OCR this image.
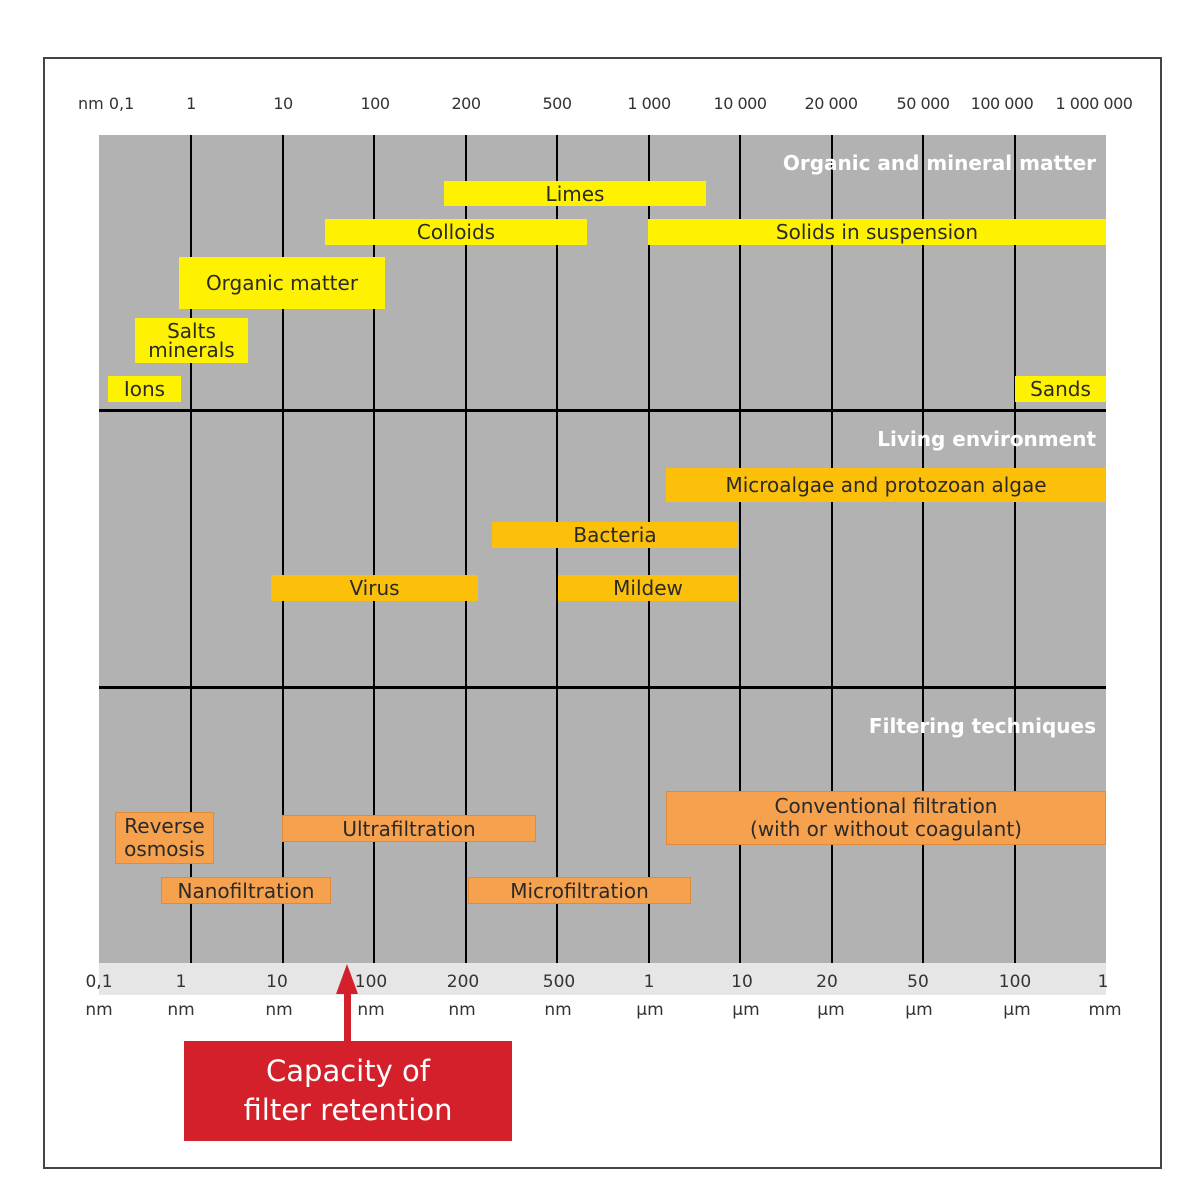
nm 0,1	1	10	100	200	500	1 000	10 000 20 000 50 000 100 000 1 000 000
Organic and mineral matter
Living environment
Filtering techniques
Limes
Colloids	Solids in suspension
Organic matter
Salts
minerals
Ions	Sands
Microalgae and protozoan algae
Bacteria
Virus	Mildew
Reverse
osmosis
Ultrafiltration
Conventional filtration
(with or without coagulant)
Nanofiltration	Microfiltration
0,1	1	10	100	200	500	1	10	20	50	100	1
nm	nm	nm	nm	nm	nm	µm	µm	µm	µm	µm	mm
Capacity of
filter retention
